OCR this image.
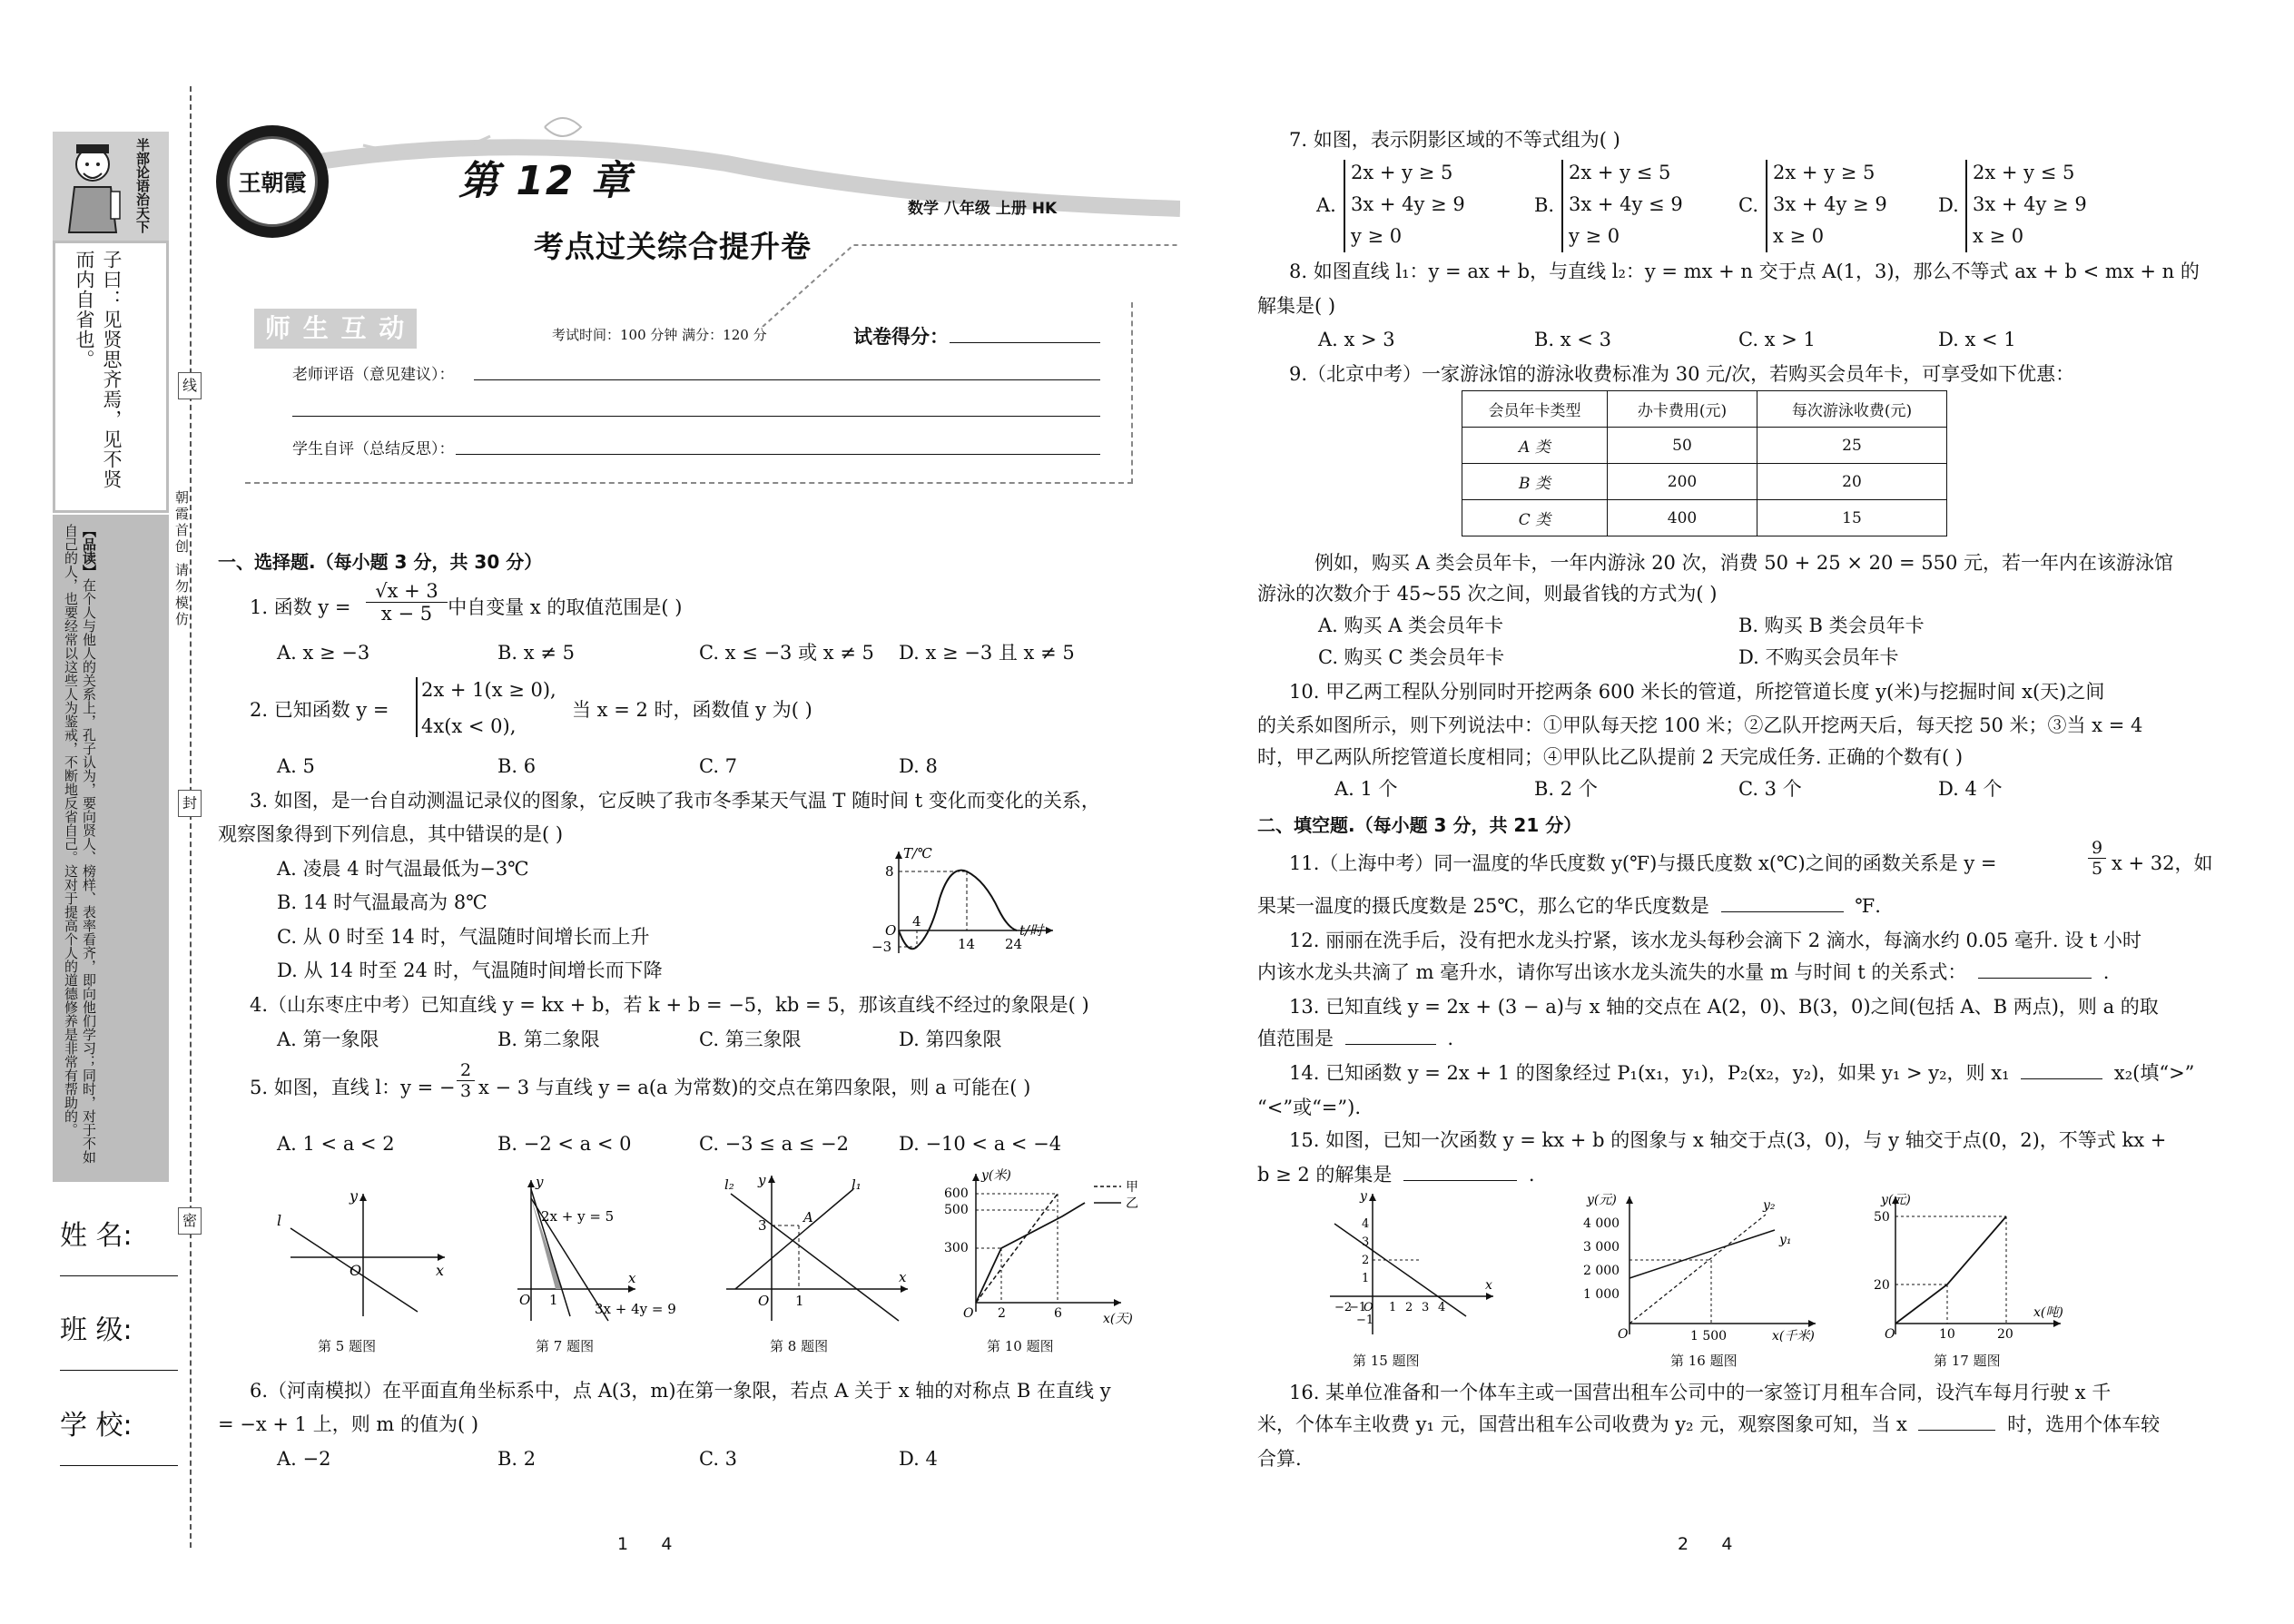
半部论语治天下
子曰：见贤思齐焉，见不贤而内自省也。
【品读】在个人与他人的关系上，孔子认为，要向贤人、榜样、表率看齐，即向他们学习；同时，对于不如自己的人，也要经常以这些人为鉴戒，不断地反省自己。这对于提高个人的道德修养是非常有帮助的。
姓 名:
班 级:
学 校:
线
封
密
朝霞首创 请勿模仿
王朝霞	第 12 章
考点过关综合提升卷
数学 八年级 上册 HK
师 生 互 动	考试时间：100 分钟 满分：120 分	试卷得分：
老师评语（意见建议）：
学生自评（总结反思）：
一、选择题.（每小题 3 分，共 30 分）
1. 函数 $y = \frac{√x + 3}{x - 5}$ 中自变量 x 的取值范围是( )
A. x ≥ −3	B. x ≠ 5	C. x ≤ −3 或 x ≠ 5 D. x ≥ −3 且 x ≠ 5
2. 已知函数 y =
2x + 1(x ≥ 0),
4x(x < 0),
当 x = 2 时，函数值 y 为( )
A. 5	B. 6	C. 7	D. 8
3. 如图，是一台自动测温记录仪的图象，它反映了我市冬季某天气温 T 随时间 t 变化而变化的关系，
观察图象得到下列信息，其中错误的是( )
A. 凌晨 4 时气温最低为−3℃
B. 14 时气温最高为 8℃
C. 从 0 时至 14 时，气温随时间增长而上升
D. 从 14 时至 24 时，气温随时间增长而下降
T/℃
t/时
8
4
−3	14 24
O
4.（山东枣庄中考）已知直线 y = kx + b，若 k + b = −5，kb = 5，那该直线不经过的象限是( )
A. 第一象限	B. 第二象限	C. 第三象限	D. 第四象限
5. 如图，直线 l：y = − $\frac{2}{3}$ x − 3 与直线 y = a(a 为常数)的交点在第四象限，则 a 可能在( )
A. 1 < a < 2	B. −2 < a < 0	C. −3 ≤ a ≤ −2	D. −10 < a < −4
l
y
x
O
y
x
O 1
2x + y = 5
3x + 4y = 9
l₂	l₁
y
x
O
3
1
A
y(米)
x(天)
O
600
500
300
2	6
甲
乙
第 5 题图	第 7 题图	第 8 题图	第 10 题图
6.（河南模拟）在平面直角坐标系中，点 A(3，m)在第一象限，若点 A 关于 x 轴的对称点 B 在直线 y
= −x + 1 上，则 m 的值为( )
A. −2	B. 2	C. 3	D. 4
1      4
7. 如图，表示阴影区域的不等式组为( )
A.
2x + y ≥ 5
3x + 4y ≥ 9
y ≥ 0
B.
2x + y ≤ 5
3x + 4y ≤ 9
y ≥ 0
C.
2x + y ≥ 5
3x + 4y ≥ 9
x ≥ 0
D.
2x + y ≤ 5
3x + 4y ≥ 9
x ≥ 0
8. 如图直线 l₁：y = ax + b，与直线 l₂：y = mx + n 交于点 A(1，3)，那么不等式 ax + b < mx + n 的
解集是( )
A. x > 3	B. x < 3	C. x > 1	D. x < 1
9.（北京中考）一家游泳馆的游泳收费标准为 30 元/次，若购买会员年卡，可享受如下优惠：
会员年卡类型	办卡费用(元)	每次游泳收费(元)
A 类	50	25
B 类	200	20
C 类	400	15
例如，购买 A 类会员年卡，一年内游泳 20 次，消费 50 + 25 × 20 = 550 元，若一年内在该游泳馆
游泳的次数介于 45~55 次之间，则最省钱的方式为( )
A. 购买 A 类会员年卡	B. 购买 B 类会员年卡
C. 购买 C 类会员年卡	D. 不购买会员年卡
10. 甲乙两工程队分别同时开挖两条 600 米长的管道，所挖管道长度 y(米)与挖掘时间 x(天)之间
的关系如图所示，则下列说法中：①甲队每天挖 100 米；②乙队开挖两天后，每天挖 50 米；③当 x = 4
时，甲乙两队所挖管道长度相同；④甲队比乙队提前 2 天完成任务. 正确的个数有( )
A. 1 个	B. 2 个	C. 3 个	D. 4 个
二、填空题.（每小题 3 分，共 21 分）
11.（上海中考）同一温度的华氏度数 y(℉)与摄氏度数 x(℃)之间的函数关系是 y =	$\frac{9}{5}$ x + 32，如
果某一温度的摄氏度数是 25℃，那么它的华氏度数是	℉.
12. 丽丽在洗手后，没有把水龙头拧紧，该水龙头每秒会滴下 2 滴水，每滴水约 0.05 毫升. 设 t 小时
内该水龙头共滴了 m 毫升水，请你写出该水龙头流失的水量 m 与时间 t 的关系式：	.
13. 已知直线 y = 2x + (3 − a)与 x 轴的交点在 A(2，0)、B(3，0)之间(包括 A、B 两点)，则 a 的取
值范围是	.
14. 已知函数 y = 2x + 1 的图象经过 P₁(x₁，y₁)，P₂(x₂，y₂)，如果 y₁ > y₂，则 x₁	x₂(填“>”
“<”或“=”).
15. 如图，已知一次函数 y = kx + b 的图象与 x 轴交于点(3，0)，与 y 轴交于点(0，2)，不等式 kx +
b ≥ 2 的解集是	.
y
x
O
4
3
2
1
−1
−2
−1 1 2 3 4
y(元)
x(千米)
O
4 000
3 000
2 000
1 000
1 500
y₁
y₂	y(元)
x(吨)
O
50
20
10	20
第 15 题图	第 16 题图	第 17 题图
16. 某单位准备和一个体车主或一国营出租车公司中的一家签订月租车合同，设汽车每月行驶 x 千
米，个体车主收费 y₁ 元，国营出租车公司收费为 y₂ 元，观察图象可知，当 x	时，选用个体车较
合算.
2      4
